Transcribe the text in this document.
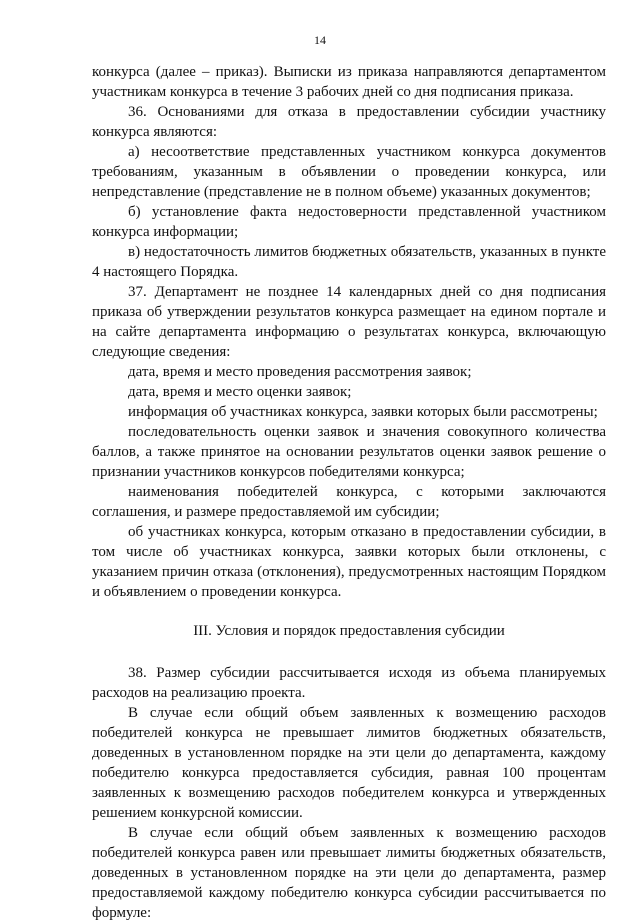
14

конкурса (далее – приказ). Выписки из приказа направляются департаментом участникам конкурса в течение 3 рабочих дней со дня подписания приказа.

36. Основаниями для отказа в предоставлении субсидии участнику конкурса являются:

а) несоответствие представленных участником конкурса документов требованиям, указанным в объявлении о проведении конкурса, или непредставление (представление не в полном объеме) указанных документов;

б) установление факта недостоверности представленной участником конкурса информации;

в) недостаточность лимитов бюджетных обязательств, указанных в пункте 4 настоящего Порядка.

37. Департамент не позднее 14 календарных дней со дня подписания приказа об утверждении результатов конкурса размещает на едином портале и на сайте департамента информацию о результатах конкурса, включающую следующие сведения:

дата, время и место проведения рассмотрения заявок;

дата, время и место оценки заявок;

информация об участниках конкурса, заявки которых были рассмотрены;

последовательность оценки заявок и значения совокупного количества баллов, а также принятое на основании результатов оценки заявок решение о признании участников конкурсов победителями конкурса;

наименования победителей конкурса, с которыми заключаются соглашения, и размере предоставляемой им субсидии;

об участниках конкурса, которым отказано в предоставлении субсидии, в том числе об участниках конкурса, заявки которых были отклонены, с указанием причин отказа (отклонения), предусмотренных настоящим Порядком и объявлением о проведении конкурса.

III. Условия и порядок предоставления субсидии

38. Размер субсидии рассчитывается исходя из объема планируемых расходов на реализацию проекта.

В случае если общий объем заявленных к возмещению расходов победителей конкурса не превышает лимитов бюджетных обязательств, доведенных в установленном порядке на эти цели до департамента, каждому победителю конкурса предоставляется субсидия, равная 100 процентам заявленных к возмещению расходов победителем конкурса и утвержденных решением конкурсной комиссии.

В случае если общий объем заявленных к возмещению расходов победителей конкурса равен или превышает лимиты бюджетных обязательств, доведенных в установленном порядке на эти цели до департамента, размер предоставляемой каждому победителю конкурса субсидии рассчитывается по формуле:
